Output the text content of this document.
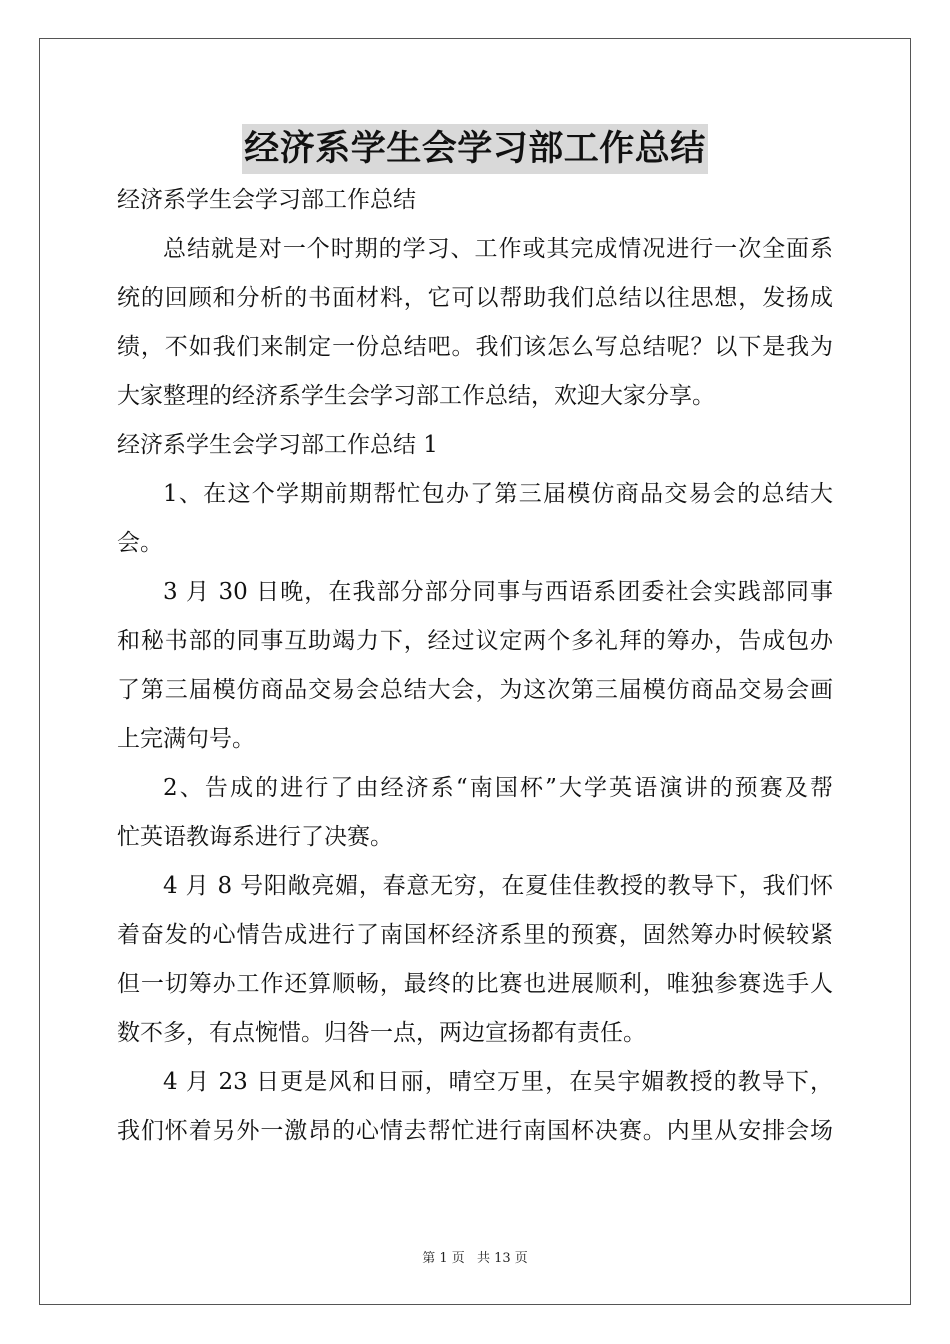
经济系学生会学习部工作总结
经济系学生会学习部工作总结
总结就是对一个时期的学习、工作或其完成情况进行一次全面系
统的回顾和分析的书面材料，它可以帮助我们总结以往思想，发扬成
绩，不如我们来制定一份总结吧。我们该怎么写总结呢？以下是我为
大家整理的经济系学生会学习部工作总结，欢迎大家分享。
经济系学生会学习部工作总结 1
1、在这个学期前期帮忙包办了第三届模仿商品交易会的总结大
会。
3 月 30 日晚，在我部分部分同事与西语系团委社会实践部同事
和秘书部的同事互助竭力下，经过议定两个多礼拜的筹办，告成包办
了第三届模仿商品交易会总结大会，为这次第三届模仿商品交易会画
上完满句号。
2、告成的进行了由经济系“南国杯”大学英语演讲的预赛及帮
忙英语教诲系进行了决赛。
4 月 8 号阳敞亮媚，春意无穷，在夏佳佳教授的教导下，我们怀
着奋发的心情告成进行了南国杯经济系里的预赛，固然筹办时候较紧
但一切筹办工作还算顺畅，最终的比赛也进展顺利，唯独参赛选手人
数不多，有点惋惜。归咎一点，两边宣扬都有责任。
4 月 23 日更是风和日丽，晴空万里，在吴宇媚教授的教导下，
我们怀着另外一激昂的心情去帮忙进行南国杯决赛。内里从安排会场
第 1 页 共 13 页
